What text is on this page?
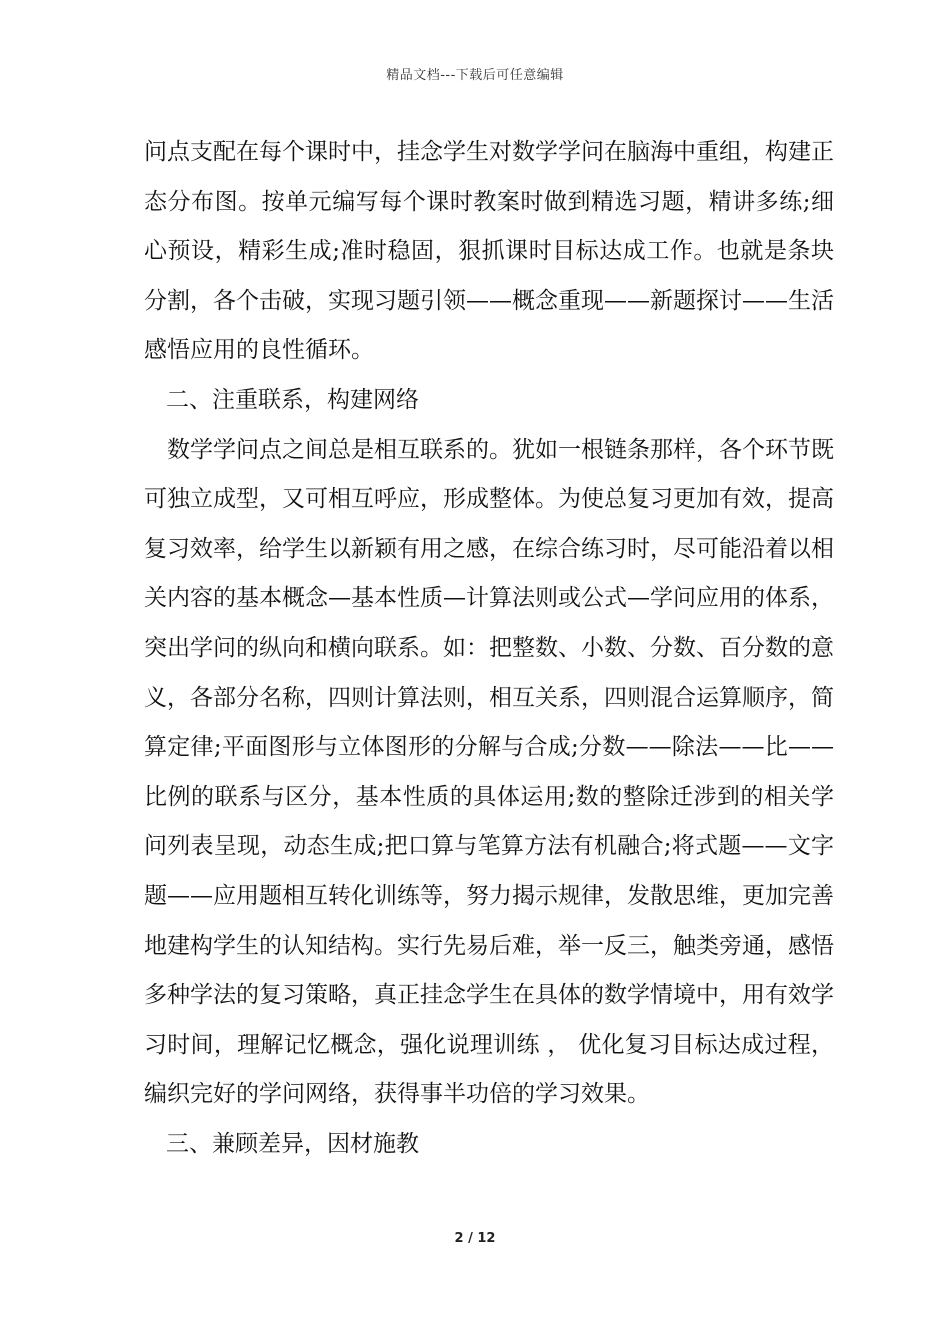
精品文档---下载后可任意编辑

问点支配在每个课时中，挂念学生对数学学问在脑海中重组，构建正态分布图。按单元编写每个课时教案时做到精选习题，精讲多练;细心预设，精彩生成;准时稳固，狠抓课时目标达成工作。也就是条块分割，各个击破，实现习题引领——概念重现——新题探讨——生活感悟应用的良性循环。

二、注重联系，构建网络

数学学问点之间总是相互联系的。犹如一根链条那样，各个环节既可独立成型，又可相互呼应，形成整体。为使总复习更加有效，提高复习效率，给学生以新颖有用之感，在综合练习时，尽可能沿着以相关内容的基本概念—基本性质—计算法则或公式—学问应用的体系，突出学问的纵向和横向联系。如：把整数、小数、分数、百分数的意义，各部分名称，四则计算法则，相互关系，四则混合运算顺序，简算定律;平面图形与立体图形的分解与合成;分数——除法——比——比例的联系与区分，基本性质的具体运用;数的整除迁涉到的相关学问列表呈现，动态生成;把口算与笔算方法有机融合;将式题——文字题——应用题相互转化训练等，努力揭示规律，发散思维，更加完善地建构学生的认知结构。实行先易后难，举一反三，触类旁通，感悟多种学法的复习策略，真正挂念学生在具体的数学情境中，用有效学习时间，理解记忆概念，强化说理训练 ， 优化复习目标达成过程，编织完好的学问网络，获得事半功倍的学习效果。

三、兼顾差异，因材施教

2 / 12
